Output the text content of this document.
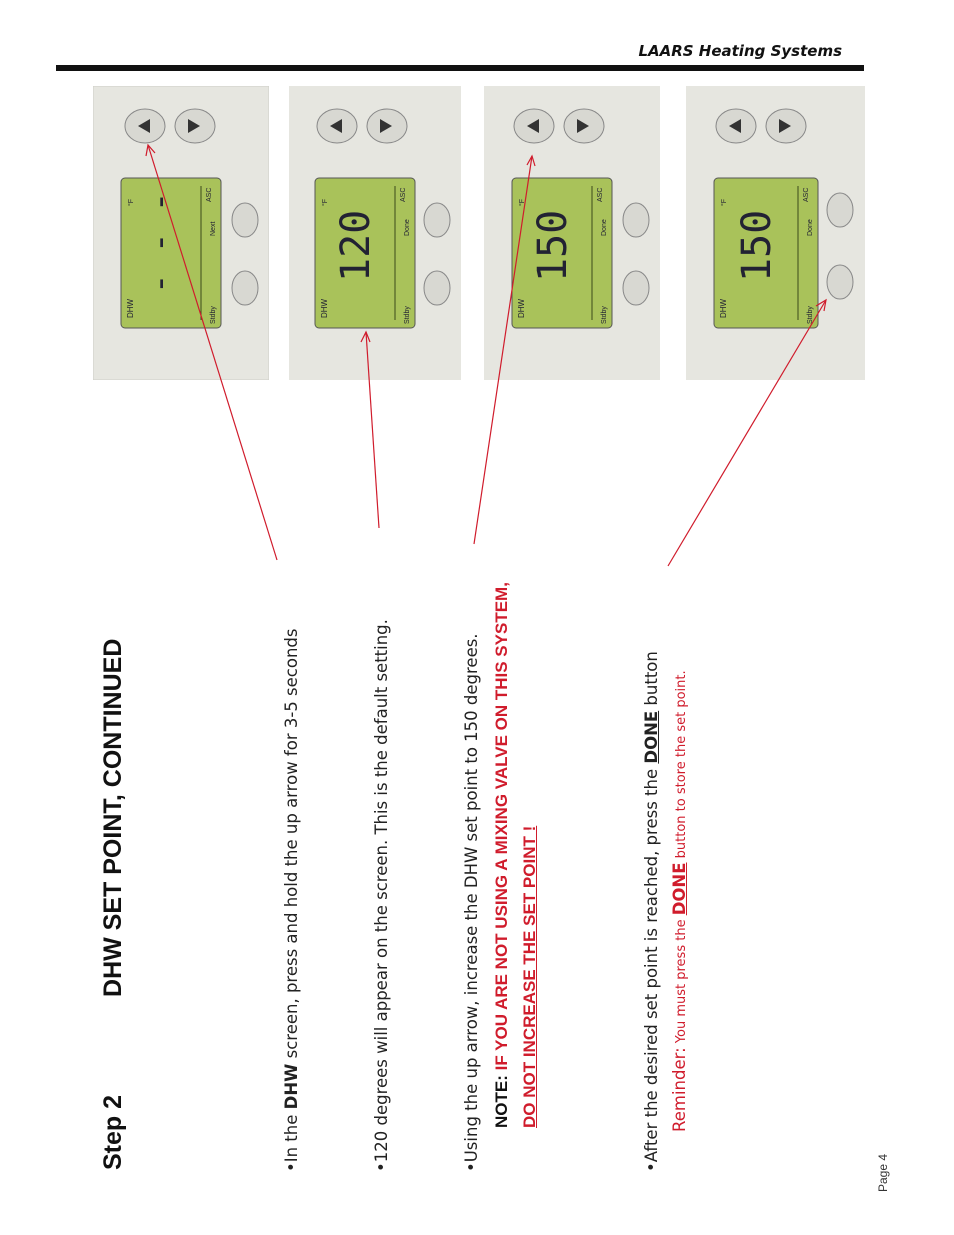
LAARS Heating Systems
DHW
°F - - -
Stdby
Next
ASC
DHW
°F
120
Stdby
Done
ASC
DHW
°F
150
Stdby
Done
ASC
DHW
°F
150
Stdby
Done
ASC
Step 2DHW SET POINT, CONTINUED
•In the DHW screen, press and hold the up arrow for 3-5 seconds
•120 degrees will appear on the screen. This is the default setting.
•Using the up arrow, increase the DHW set point to 150 degrees. NOTE: IF YOU ARE NOT USING A MIXING VALVE ON THIS SYSTEM, DO NOT INCREASE THE SET POINT !
•After the desired set point is reached, press the DONE button
Reminder: You must press the DONE button to store the set point.
Page 4
